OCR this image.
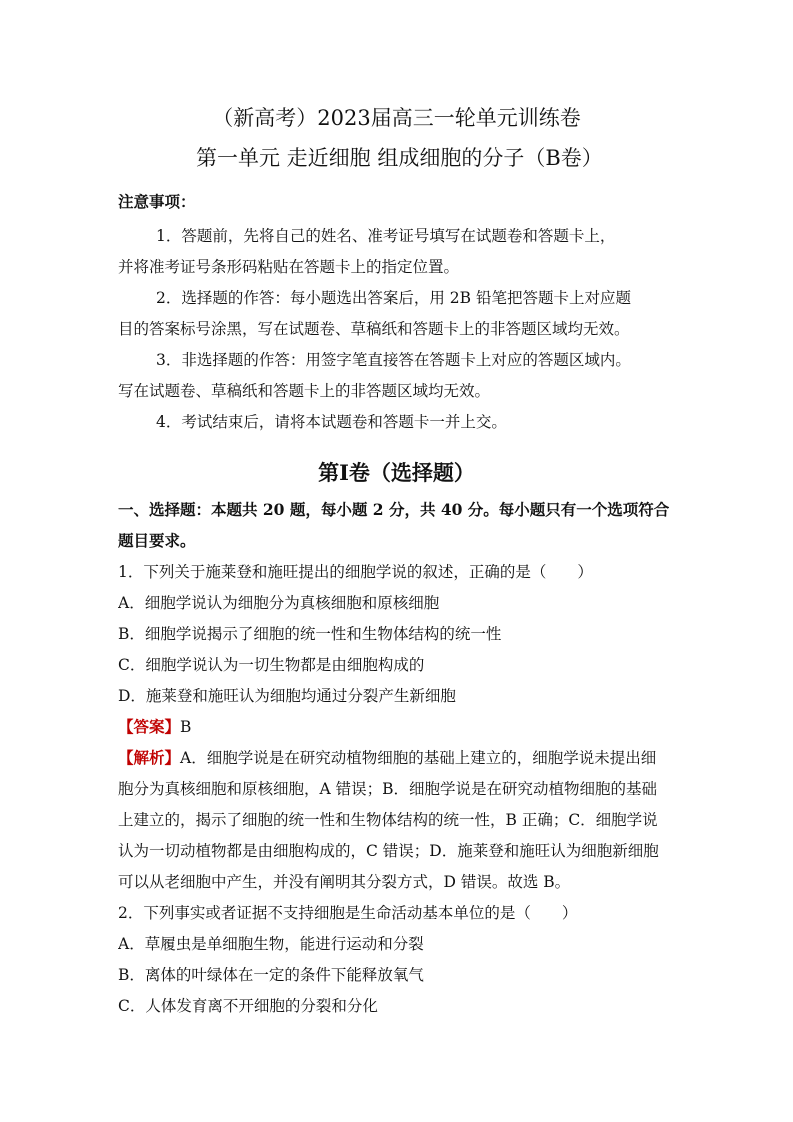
（新高考）2023届高三一轮单元训练卷
第一单元 走近细胞 组成细胞的分子（B卷）
注意事项：
1．答题前，先将自己的姓名、准考证号填写在试题卷和答题卡上，
并将准考证号条形码粘贴在答题卡上的指定位置。
2．选择题的作答：每小题选出答案后，用 2B 铅笔把答题卡上对应题
目的答案标号涂黑，写在试题卷、草稿纸和答题卡上的非答题区域均无效。
3．非选择题的作答：用签字笔直接答在答题卡上对应的答题区域内。
写在试题卷、草稿纸和答题卡上的非答题区域均无效。
4．考试结束后，请将本试题卷和答题卡一并上交。
第Ⅰ卷（选择题）
一、选择题：本题共 20 题，每小题 2 分，共 40 分。每小题只有一个选项符合
题目要求。
1．下列关于施莱登和施旺提出的细胞学说的叙述，正确的是（　　）
A．细胞学说认为细胞分为真核细胞和原核细胞
B．细胞学说揭示了细胞的统一性和生物体结构的统一性
C．细胞学说认为一切生物都是由细胞构成的
D．施莱登和施旺认为细胞均通过分裂产生新细胞
【答案】B
【解析】A．细胞学说是在研究动植物细胞的基础上建立的，细胞学说未提出细
胞分为真核细胞和原核细胞，A 错误；B．细胞学说是在研究动植物细胞的基础
上建立的，揭示了细胞的统一性和生物体结构的统一性，B 正确；C．细胞学说
认为一切动植物都是由细胞构成的，C 错误；D．施莱登和施旺认为细胞新细胞
可以从老细胞中产生，并没有阐明其分裂方式，D 错误。故选 B。
2．下列事实或者证据不支持细胞是生命活动基本单位的是（　　）
A．草履虫是单细胞生物，能进行运动和分裂
B．离体的叶绿体在一定的条件下能释放氧气
C．人体发育离不开细胞的分裂和分化
